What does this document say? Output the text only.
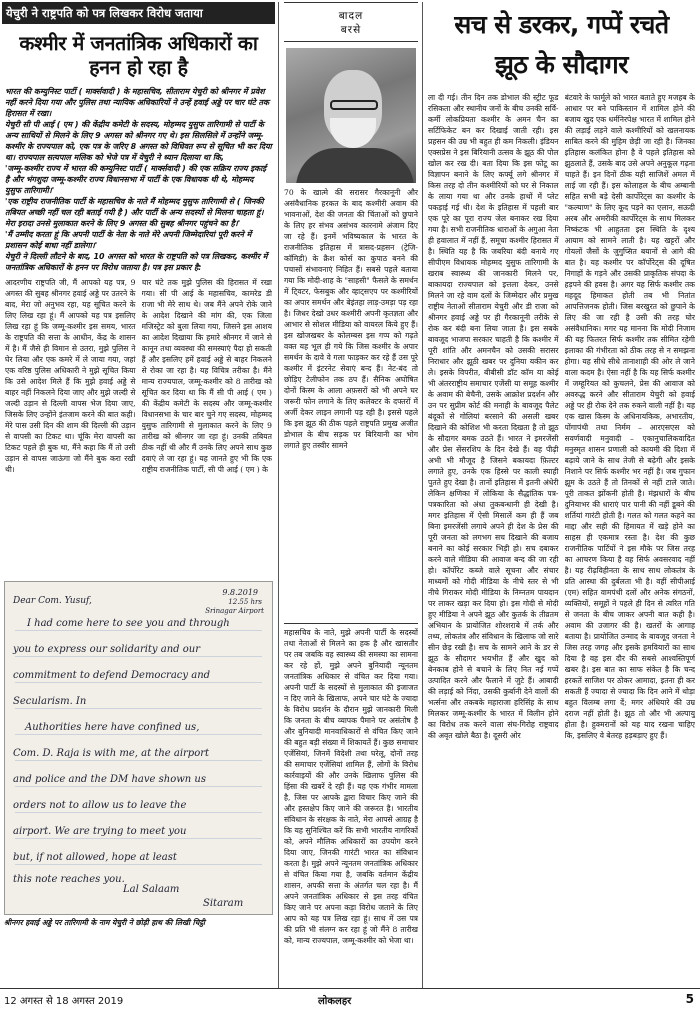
येचुरी ने राष्ट्रपति को पत्र लिखकर विरोध जताया
कश्मीर में जनतांत्रिक अधिकारों का हनन हो रहा है

भारत की कम्युनिस्ट पार्टी ( मार्क्सवादी ) के महासचिव, सीताराम येचुरी को श्रीनगर में प्रवेश नहीं करने दिया गया और पुलिस तथा न्यायिक अधिकारियों ने उन्हें हवाई अड्डे पर चार घंटे तक हिरासत में रखा।

येचुरी सी पी आई ( एम ) की केंद्रीय कमेटी के सदस्य, मोहम्मद युसुफ तारिगामी से पार्टी के अन्य साथियों से मिलने के लिए 9 अगस्त को श्रीनगर गए थे। इस सिलसिले में उन्होंने जम्मू-कश्मीर के राज्यपाल को, एक पत्र के जरिए 8 अगस्त को विधिवत रूप से सूचित भी कर दिया था। राज्यपाल सत्यपाल मलिक को भेजे पत्र में येचुरी ने ध्यान दिलाया था कि,

'जम्मू-कश्मीर राज्य में भारत की कम्युनिस्ट पार्टी ( मार्क्सवादी ) की एक सक्रिय राज्य इकाई है और भंगशुदा जम्मू-कश्मीर राज्य विधानसभा में पार्टी के एक विधायक थी थे, मोहम्मद युसुफ तारिगामी।'

'एक राष्ट्रीय राजनीतिक पार्टी के महासचिव के नाते मैं मोहम्मद युसुफ तारिगामी से ( जिनकी तबियत अच्छी नहीं चल रही बताई गयी है ) और पार्टी के अन्य सदस्यों से मिलना चाहता हूं। मेरा इरादा उनसे मुलाकात करने के लिए 9 अगस्त की सुबह श्रीनगर पहुंचने का है।'

'मैं उम्मीद करता हूं कि अपनी पार्टी के नेता के नाते मेरे अपनी जिम्मेदारियां पूरी करने में प्रशासन कोई बाधा नहीं डालेगा।'

येचुरी ने दिल्ली लौटने के बाद, 10 अगस्त को भारत के राष्ट्रपति को पत्र लिखकर, कश्मीर में जनतांत्रिक अधिकारों के हनन पर विरोध जताया है। पत्र इस प्रकार है:

आदरणीय राष्ट्रपति जी, मैं आपको यह पत्र, 9 अगस्त की सुबह श्रीनगर हवाई अड्डे पर उतरने के बाद, मेरा जो अनुभव रहा, यह सूचित करने के लिए लिख रहा हूं। मैं आपको यह पत्र इसलिए लिख रहा हूं कि जम्मू-कश्मीर इस समय, भारत के राष्ट्रपति की सत्ता के आधीन, केंद्र के शासन में है। मैं जैसे ही विमान से उतरा, मुझे पुलिस ने घेर लिया और एक कमरे में ले जाया गया, जहां एक वरिष्ठ पुलिस अधिकारी ने मुझे सूचित किया कि उसे आदेश मिले हैं कि मुझे हवाई अड्डे से बाहर नहीं निकलने दिया जाए और मुझे जल्दी से जल्दी उड़ान से दिल्ली वापस भेज दिया जाए, जिसके लिए उन्होंने इंतजाम करने की बात कही। मेरे पास उसी दिन की शाम की दिल्ली की उड़ान से वापसी का टिकट था। चूंकि मेरा वापसी का टिकट पहले ही बुक था, मैंने कहा कि मैं तो उसी उड़ान से वापस जाऊंगा जो मैंने बुक करा रखी थी।
चार घंटे तक मुझे पुलिस की हिरासत में रखा गया। सी पी आई के महासचिव, कामरेड डी राजा भी मेरे साथ थे। जब मैंने अपने रोके जाने के आदेश दिखाने की मांग की, एक जिला मजिस्ट्रेट को बुला लिया गया, जिसने इस आशय का आदेश दिखाया कि हमारे श्रीनगर में जाने से कानून तथा व्यवस्था की समस्याएं पैदा हो सकती हैं और इसलिए हमें हवाई अड्डे से बाहर निकलने से रोका जा रहा है। यह विचित्र तरीका है। मैंने मान्य राज्यपाल, जम्मू-कश्मीर को 8 तारीख को सूचित कर दिया था कि मैं सी पी आई ( एम ) की केंद्रीय कमेटी के सदस्य और जम्मू-कश्मीर विधानसभा के चार बार चुने गए सदस्य, मोहम्मद युसुफ तारिगामी से मुलाकात करने के लिए 9 तारीख को श्रीनगर जा रहा हूं। उनकी तबियत ठीक नहीं थी और मैं उनके लिए अपने साथ कुछ दवाएं ले जा रहा हूं। यह जानते हुए भी कि एक राष्ट्रीय राजनीतिक पार्टी, सी पी आई ( एम ) के
9.8.2019
12.55 hrs
Srinagar Airport
Dear Com. Yusuf,
I had come here to see you and through
you to express our solidarity and our
commitment to defend Democracy and
Secularism. In
Authorities here have confined us,
Com. D. Raja is with me, at the airport
and police and the DM have shown us
orders not to allow us to leave the
airport. We are trying to meet you
but, if not allowed, hope at least
this note reaches you.
Lal Salaam
Sitaram
श्रीनगर हवाई अड्डे पर तारिगामी के नाम येचुरी ने छोड़ी हाथ की लिखी चिट्ठी
बादल
बरसे
70 के खात्मे की सरासर गैरकानूनी और असंवैधानिक हरकत के बाद कश्मीरी अवाम की भावनाओं, देश की जनता की चिंताओं को छुपाने के लिए हर संभव असंभव कारनामे अंजाम दिए जा रहे हैं। इनमें भविष्यकाल के भारत के राजनीतिक इतिहास में त्रासद-प्रहसन (ट्रेजि-कॉमिडी) के क्रैश कोर्स का कुपाठ बनने की पचासों संभावनाएं निहित हैं। सबसे पहले बताया गया कि मोदी-शाह के "साहसी" फैसले के समर्थन में टि्वटर, फेसबुक और व्हाट्सएप पर कश्मीरियों का अपार समर्थन और बेइंतहा लाड़-उमड़ा पड़ रहा है। जिधर देखो उधर कश्मीरी अपनी कृतज्ञता और आभार से सोशल मीडिया को वायरल किये हुए हैं। इस खोजखबर के कोलम्बस इस गप्प को गढ़ते वक्त यह भूल ही गये कि जिस कश्मीर के अपार समर्थन के दावे वे गला फाड़कर कर रहे हैं उस पूरे कश्मीर में इंटरनेट सेवाएं बन्द हैं। नेट-बंद तो छोड़िए टेलीफोन तक ठप हैं। सैनिक अघोषित दोनों किस्म के आला अफ़सरों को भी अपने घर जरूरी फोन लगाने के लिए कलेक्टर के दफ्तरों में अर्जी देकर लाइन लगानी पड़ रही है। इससे पहले कि इस झूठ की ठीक पहले राष्ट्रपति प्रमुख अजीत डोभाल के बीच सड़क पर बिरियानी का भोग लगाते हुए तस्वीर सामने
महासचिव के नाते, मुझे अपनी पार्टी के सदस्यों तथा नेताओं से मिलने का हक है और खासतौर पर तब जबकि वह स्वास्थ्य की समस्या का सामना कर रहे हों, मुझे अपने बुनियादी न्यूनतम जनतांत्रिक अधिकार से वंचित कर दिया गया। अपनी पार्टी के सदस्यों से मुलाकात की इजाजत न दिए जाने के खिलाफ, अपने चार घंटे के ज्यादा के विरोध प्रदर्शन के दौरान मुझे जानकारी मिली कि जनता के बीच व्यापक पैमाने पर असंतोष है और बुनियादी मानवाधिकारों से वंचित किए जाने की बहुत बड़ी संख्या में शिकायतें हैं। कुछ समाचार एजेंसियां, जिनमें विदेशी तथा घरेलू, दोनों तरह की समाचार एजेंसियां शामिल हैं, लोगों के विरोध कार्रवाइयों की और उनके खिलाफ पुलिस की हिंसा की खबरें दे रही हैं। यह एक गंभीर मामला है, जिस पर आपके द्वारा विचार किए जाने की और हस्तक्षेप किए जाने की जरूरत है। भारतीय संविधान के संरक्षक के नाते, मेरा आपसे आग्रह है कि यह सुनिश्चित करें कि सभी भारतीय नागरिकों को, अपने मौलिक अधिकारों का उपयोग करने दिया जाए, जिनकी गारंटी भारत का संविधान करता है। मुझे अपने न्यूनतम जनतांत्रिक अधिकार से वंचित किया गया है, जबकि वर्तमान केंद्रीय शासन, अपकी सत्ता के अंतर्गत चल रहा है। मैं अपने जनतांत्रिक अधिकार से इस तरह वंचित किए जाने पर अपना कड़ा विरोध जताने के लिए आप को यह पत्र लिख रहा हूं। साथ में उस पत्र की प्रति भी संलग्न कर रहा हूं जो मैंने 8 तारीख को, मान्य राज्यपाल, जम्मू-कश्मीर को भेजा था।
सच से डरकर, गप्पें रचते
झूठ के सौदागर
ला दी गई। तीन दिन तक डोभाल की स्ट्रीट फूड रसिकता और स्थानीय जनों के बीच उनकी सर्वि-कर्मी लोकप्रियता कश्मीर के अमन चैन का सर्टिफिकेट बन कर दिखाई जाती रही। इस प्रहसन की उम्र भी बहुत ही कम निकली। इंडियन एक्सप्रेस ने इस बिरियानी उत्सव के झूठ की पोल खोल कर रख दी। बता दिया कि इस फोटू का विज्ञापन बनाने के लिए कर्फ्यू लगे श्रीनगर में किस तरह दो तीन कश्मीरियों को घर से निकाल के लाया गया था और उनके हाथों में प्लेट पकड़ाई गई थी। देश के इतिहास में पहली बार एक पूरे का पूरा राज्य जेल बनाकर रख दिया गया है। सभी राजनीतिक धाराओं के अगुआ नेता ही हवालात में नहीं हैं, समूचा कश्मीर हिरासत में है। स्थिति यह है कि जबरिया बंदी बनाये गए सीपीएम विधायक मोहम्मद युसुफ तारिगामी के खराब स्वास्थ्य की जानकारी मिलने पर, बाकायदा राज्यपाल को इत्तला देकर, उनसे मिलने जा रहे वाम दलों के जिम्मेदार और प्रमुख राष्ट्रीय नेताओं सीताराम येचुरी और डी राजा को श्रीनगर हवाई अड्डे पर ही गैरकानूनी तरीके से रोक कर बंदी बना लिया जाता है। इस सबके बावजूद भाजपा सरकार चाहती है कि कश्मीर में पूरी शांति और अमनचैन को उसकी सरासर निराधार और झूठी खबर पर दुनिया यकीन कर ले। इसके विपरीत, बीबीसी डॉट कॉम या कोई भी अंतरराष्ट्रीय समाचार एजेंसी या समूह कश्मीर के अवाम की बेचैनी, उसके आक्रोश प्रदर्शन और उन पर सुप्रीम कोर्ट की मनाही के बावजूद पैलेट बंदूकों से गोलियां बरसाने की असली खबर दिखाने की कोशिश भी करता दिखता है तो झूठ के सौदागर बमक उठते हैं। भारत ने इमरजेंसी और प्रेस सेंसरशिप के दिन देखे हैं। वह पीढ़ी अभी भी मौजूद है जिसने बकायदा फ़ि​ल्टर लगाते हुए, उनके एक हिस्से पर काली स्याही पुतते हुए देखा है। तानों इतिहास में इतनी अंधेरी लेकिन क्षणिका में लोकिया के सैद्धांतिक पत्र-पत्रकारिता को अंधा तुकबन्धानी ही देखी है। मगर इतिहास में ऐसी मिसालें कम ही हैं जब बिना इमरजेंसी लगाये अपने ही देश के प्रेस की पूरी जनता को लगभग सच दिखाने की बजाय बनाने का कोई सरकार भिड़ी हो। सच दबाकर करने वाले मीडिया की आवाज बन्द की जा रही हो। कॉर्पोरेट कब्जे वाले सूचना और संचार माध्यमों को गोदी मीडिया के नीचे स्तर से भी नीचे गिराकर मोदी मीडिया के निम्नतम पायदान पर लाकर खड़ा कर दिया हो। इस गोदी से मोदी हुए मीडिया ने अपने झूठ और कुतर्क के तीव्रतम अभियान के प्रायोजित शोरशराबे में तर्क और तथ्य, लोकतंत्र और संविधान के खिलाफ जो सारे सीन छेड़ रखी है। सच के सामने आने के डर से झूठ के सौदागर भयभीत हैं और खुद को बेनकाब होने से बचाने के लिए नित नई गप्पें उत्पादित करने और फैलाने में जुटे हैं। आबादी की लड़ाई को निंदा, उसकी कुर्बानी देने वालों की भर्त्सना और तकबके महाराजा हरिसिंह के साथ मिलकर जम्मू-कश्मीर के भारत में विलीन होने का विरोध तक करने वाला संघ-गिरोह राष्ट्रवाद की अवृत खोले बैठा है। दूसरी ओर
बंटवारे के फार्मूले को भारत बताते हुए मजहब के आधार पर बने पाकिस्तान में शामिल होने की बजाय खुद एक धर्मनिरपेक्ष भारत में शामिल होने की लड़ाई लड़ने वाले कश्मीरियों को खलनायक साबित करने की मुहिम छेड़ी जा रही है। जिनका इतिहास कलंकित होना है वे पहले इतिहास को झुठलाते हैं, उसके बाद उसे अपने अनुकूल गढ़ना चाहते हैं। इन दिनों ठीक यही साजिशें अमल में लाई जा रही हैं। इस कोलाहल के बीच अम्बानी सहित सभी बड़े देसी कार्पोरेट्स का कश्मीर के "कल्याण" के लिए कूद पड़ने का एलान, सऊदी अरब और अमरीकी कार्पोरेट्स के साथ मिलकर निष्कंटक भी आहुतता इस स्थिति के दृश्य आयाम को सामने लाती है। यह खट्टरों और गोयलों जैसों के जुगुप्सित बयानों से आगे की बात है। यह कश्मीर पर कॉर्पोरेट्स की दूषित निगाहों के गड़ने और उसकी प्राकृतिक संपदा के हड़पने की हवस है। अगर यह सिर्फ कश्मीर तक महदूद हिमाकत होती तब भी नितांत आपत्तिजनक होती। जिस बरखुरत को छुपाने के लिए की जा रही है उसी की तरह घोर असंवैधानिक। मगर यह मानना कि मोदी निजाम की यह फितरत सिर्फ कश्मीर तक सीमित रहेगी इलाका की गंभीरता को ठीक तरह से न समझना होगा। यह सीधे सीधे तानाशाही की ओर ले जाने वाला कदम है। ऐसा नहीं है कि यह सिर्फ कश्मीर में जम्हूरियत को कुचलने, प्रेस की आवाज को अवरुद्ध करने और सीताराम येचुरी को हवाई अड्डे पर ही रोक देने तक रुकने वाली नहीं है। यह एक खास किस्म के अधिनायकिक, अभारतीय, पोंगापंथी तथा निर्मम – आरएसएस को सवर्णवादी मनुवादी – एकानुचालिकवादित मनुस्मृत शासन प्रणाली को कायमी की दिशा में बढ़ाये जाने के साथ तेजी से बढ़ेगी और इसके निशाने पर सिर्फ कश्मीर भर नहीं है। जब गुफान झूम के उठते हैं तो तिनकों से नहीं टाले जाते। पूरी ताकत झोंकनी होती है। मंझधारों के बीच दुनियाभर की धाराएं पार पानी की नहीं डूबने की शर्तियां गारंटी होती है। गलत को गलत कहने का माद्दा और सही की हिमायत में खड़े होने का साहस ही एकमात्र रस्ता है। देश की कुछ राजनीतिक पार्टियों ने इस मौके पर जिस तरह का आचरण किया है वह सिर्फ अवसरवाद नहीं है। यह रीढ़विहीनता के साथ साथ लोकतंत्र के प्रति आस्था की दुर्बलता भी है। वहीं सीपीआई (एम) सहित वामपंथी दलों और अनेक संगठनों, व्यक्तियों, समूहों ने पहले ही दिन से त्वरित गति से जनता के बीच जाकर अपनी बात कही है। अवाम की उजागर की है। खतरों के आगाह बताया है। प्रायोजित उन्माद के बावजूद जनता ने जिस तरह जगह और इसके हमवियारों का साथ दिया है वह इस दौर की सबसे आश्वस्तिपूर्ण खबर है। इस बात का साफ संकेत है कि चन्द हरकतें साजिश पर ठोकर आमादा, इतना ही कर सकती हैं ज्यादा से ज्यादा कि दिन आने में थोड़ा बहुत विलम्ब लगा दें; मगर अंधियारे की उम्र दराज नहीं होती है। झूठ तो और भी अल्पायु होता है। हुक्मरानों को यह याद रखना चाहिए कि, इसलिए वे बेतरह हड़बड़ाए हुए हैं।
12 अगस्त से 18 अगस्त 2019	लोकलहर	5
